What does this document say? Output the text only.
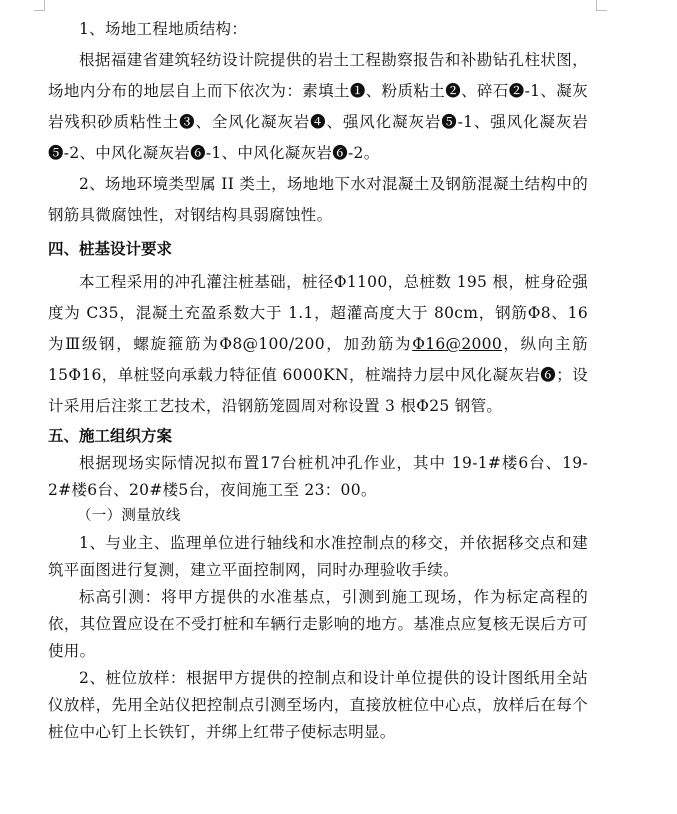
1、场地工程地质结构：

根据福建省建筑轻纺设计院提供的岩土工程勘察报告和补勘钻孔柱状图，场地内分布的地层自上而下依次为：素填土❶、粉质粘土❷、碎石❷-1、凝灰岩残积砂质粘性土❸、全风化凝灰岩❹、强风化凝灰岩❺-1、强风化凝灰岩❺-2、中风化凝灰岩❻-1、中风化凝灰岩❻-2。

2、场地环境类型属 II 类土，场地地下水对混凝土及钢筋混凝土结构中的钢筋具微腐蚀性，对钢结构具弱腐蚀性。

四、桩基设计要求

本工程采用的冲孔灌注桩基础，桩径Φ1100，总桩数 195 根，桩身砼强度为 C35，混凝土充盈系数大于 1.1，超灌高度大于 80cm，钢筋Φ8、16 为Ⅲ级钢，螺旋箍筋为Φ8@100/200，加劲筋为Φ16@2000，纵向主筋 15Φ16，单桩竖向承载力特征值 6000KN，桩端持力层中风化凝灰岩❻；设计采用后注浆工艺技术，沿钢筋笼圆周对称设置 3 根Φ25 钢管。

五、施工组织方案

根据现场实际情况拟布置17台桩机冲孔作业，其中 19-1#楼6台、19-2#楼6台、20#楼5台，夜间施工至 23：00。

（一）测量放线

1、与业主、监理单位进行轴线和水准控制点的移交，并依据移交点和建筑平面图进行复测，建立平面控制网，同时办理验收手续。

标高引测：将甲方提供的水准基点，引测到施工现场，作为标定高程的依，其位置应设在不受打桩和车辆行走影响的地方。基准点应复核无误后方可使用。

2、桩位放样：根据甲方提供的控制点和设计单位提供的设计图纸用全站仪放样，先用全站仪把控制点引测至场内，直接放桩位中心点，放样后在每个桩位中心钉上长铁钉，并绑上红带子使标志明显。
